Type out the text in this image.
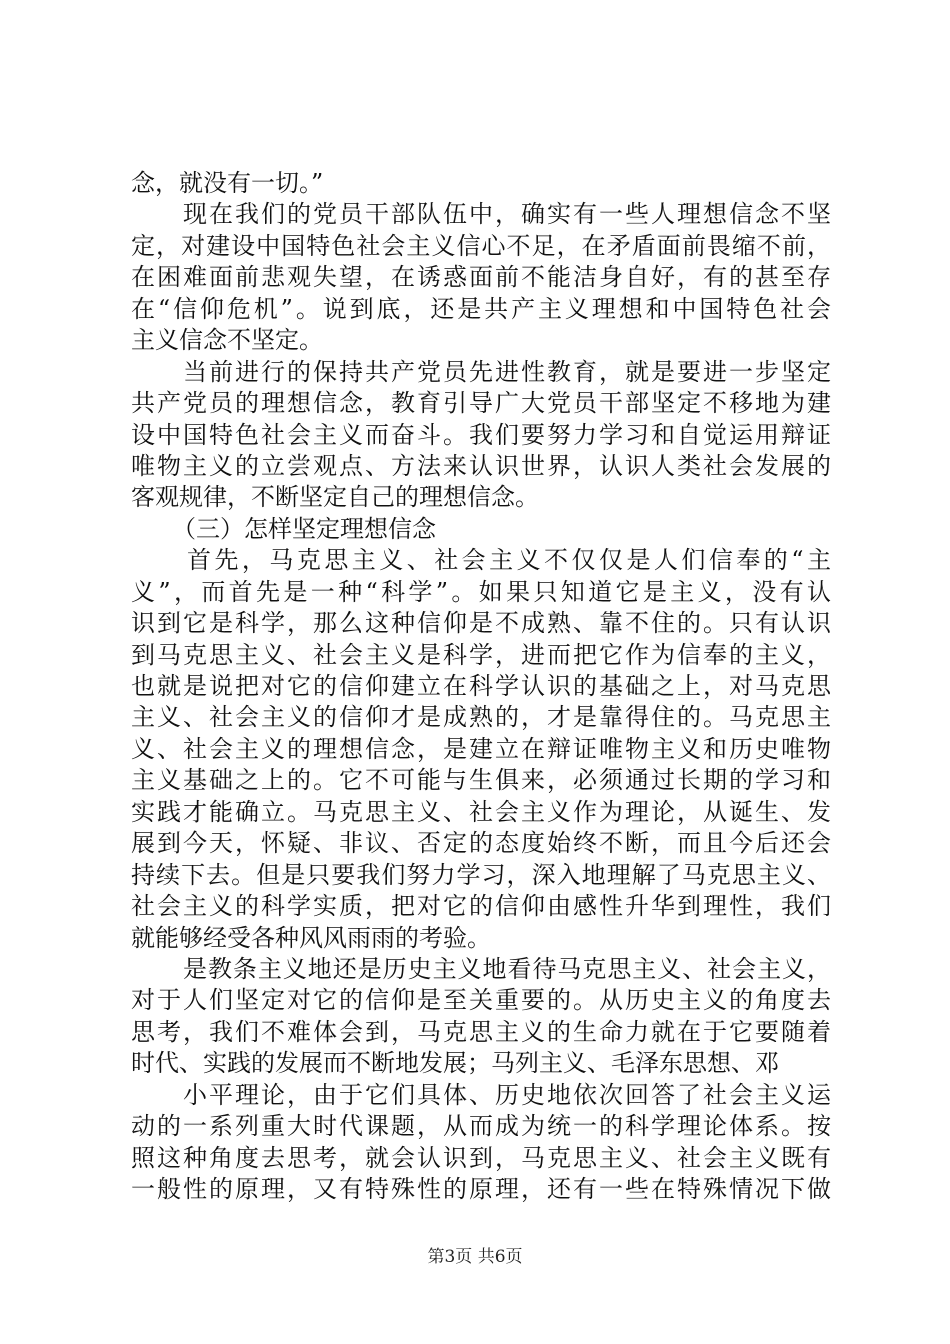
念，就没有一切。”
现在我们的党员干部队伍中，确实有一些人理想信念不坚
定，对建设中国特色社会主义信心不足，在矛盾面前畏缩不前，
在困难面前悲观失望，在诱惑面前不能洁身自好，有的甚至存
在“信仰危机”。说到底，还是共产主义理想和中国特色社会
主义信念不坚定。
当前进行的保持共产党员先进性教育，就是要进一步坚定
共产党员的理想信念，教育引导广大党员干部坚定不移地为建
设中国特色社会主义而奋斗。我们要努力学习和自觉运用辩证
唯物主义的立尝观点、方法来认识世界，认识人类社会发展的
客观规律，不断坚定自己的理想信念。
（三）怎样坚定理想信念
首先，马克思主义、社会主义不仅仅是人们信奉的“主
义”，而首先是一种“科学”。如果只知道它是主义，没有认
识到它是科学，那么这种信仰是不成熟、靠不住的。只有认识
到马克思主义、社会主义是科学，进而把它作为信奉的主义，
也就是说把对它的信仰建立在科学认识的基础之上，对马克思
主义、社会主义的信仰才是成熟的，才是靠得住的。马克思主
义、社会主义的理想信念，是建立在辩证唯物主义和历史唯物
主义基础之上的。它不可能与生俱来，必须通过长期的学习和
实践才能确立。马克思主义、社会主义作为理论，从诞生、发
展到今天，怀疑、非议、否定的态度始终不断，而且今后还会
持续下去。但是只要我们努力学习，深入地理解了马克思主义、
社会主义的科学实质，把对它的信仰由感性升华到理性，我们
就能够经受各种风风雨雨的考验。
是教条主义地还是历史主义地看待马克思主义、社会主义，
对于人们坚定对它的信仰是至关重要的。从历史主义的角度去
思考，我们不难体会到，马克思主义的生命力就在于它要随着
时代、实践的发展而不断地发展；马列主义、毛泽东思想、邓
小平理论，由于它们具体、历史地依次回答了社会主义运
动的一系列重大时代课题，从而成为统一的科学理论体系。按
照这种角度去思考，就会认识到，马克思主义、社会主义既有
一般性的原理，又有特殊性的原理，还有一些在特殊情况下做
第3页 共6页
